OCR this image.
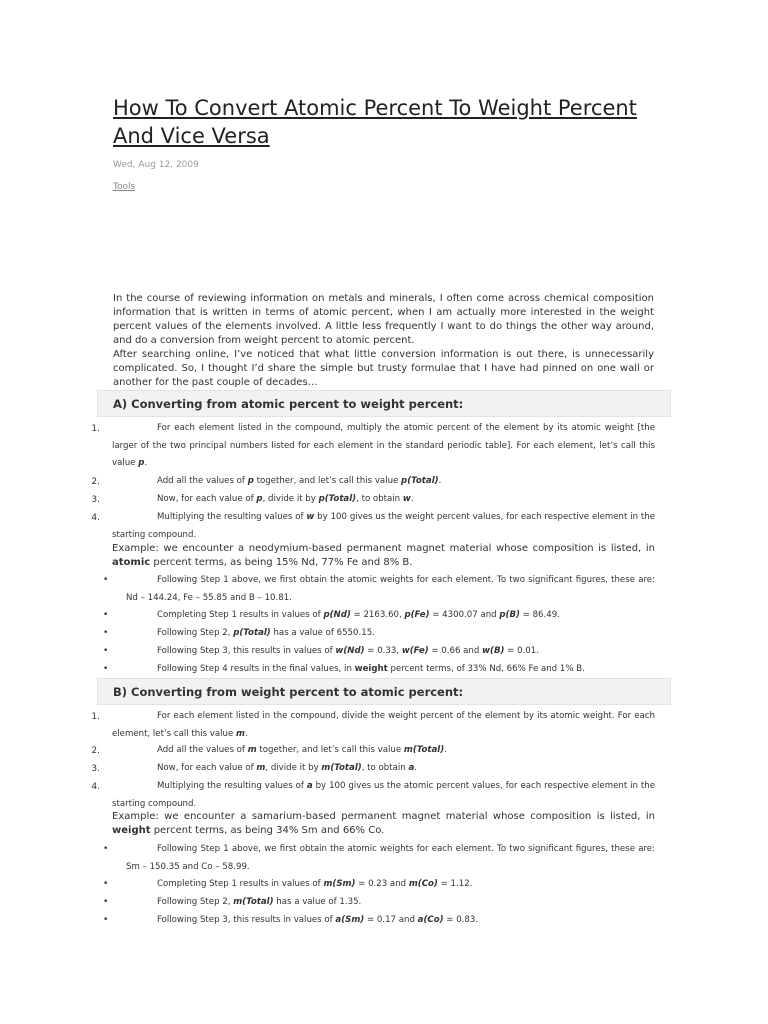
How To Convert Atomic Percent To Weight Percent And Vice Versa
Wed, Aug 12, 2009
Tools

In the course of reviewing information on metals and minerals, I often come across chemical composition information that is written in terms of atomic percent, when I am actually more interested in the weight percent values of the elements involved. A little less frequently I want to do things the other way around, and do a conversion from weight percent to atomic percent.

After searching online, I’ve noticed that what little conversion information is out there, is unnecessarily complicated. So, I thought I’d share the simple but trusty formulae that I have had pinned on one wall or another for the past couple of decades…

A) Converting from atomic percent to weight percent:
1.	For each element listed in the compound, multiply the atomic percent of the element by its atomic weight [the larger of the two principal numbers listed for each element in the standard periodic table]. For each element, let’s call this value p.
2.	Add all the values of p together, and let’s call this value p(Total).
3.	Now, for each value of p, divide it by p(Total), to obtain w.
4.	Multiplying the resulting values of w by 100 gives us the weight percent values, for each respective element in the starting compound.
Example: we encounter a neodymium-based permanent magnet material whose composition is listed, in atomic percent terms, as being 15% Nd, 77% Fe and 8% B.
•	Following Step 1 above, we first obtain the atomic weights for each element. To two significant figures, these are: Nd – 144.24, Fe – 55.85 and B – 10.81.
•	Completing Step 1 results in values of p(Nd) = 2163.60, p(Fe) = 4300.07 and p(B) = 86.49.
•	Following Step 2, p(Total) has a value of 6550.15.
•	Following Step 3, this results in values of w(Nd) = 0.33, w(Fe) = 0.66 and w(B) = 0.01.
•	Following Step 4 results in the final values, in weight percent terms, of 33% Nd, 66% Fe and 1% B.
B) Converting from weight percent to atomic percent:
1.	For each element listed in the compound, divide the weight percent of the element by its atomic weight. For each element, let’s call this value m.
2.	Add all the values of m together, and let’s call this value m(Total).
3.	Now, for each value of m, divide it by m(Total), to obtain a.
4.	Multiplying the resulting values of a by 100 gives us the atomic percent values, for each respective element in the starting compound.
Example: we encounter a samarium-based permanent magnet material whose composition is listed, in weight percent terms, as being 34% Sm and 66% Co.
•	Following Step 1 above, we first obtain the atomic weights for each element. To two significant figures, these are: Sm – 150.35 and Co – 58.99.
•	Completing Step 1 results in values of m(Sm) = 0.23 and m(Co) = 1.12.
•	Following Step 2, m(Total) has a value of 1.35.
•	Following Step 3, this results in values of a(Sm) = 0.17 and a(Co) = 0.83.
